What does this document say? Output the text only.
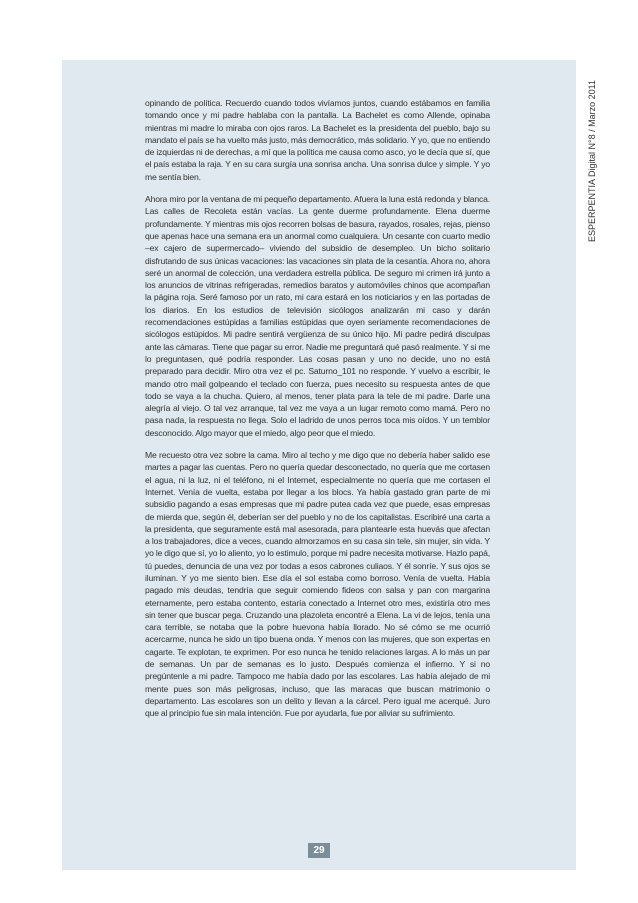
ESPERPENTIA Digital N°8 / Marzo 2011

opinando de política. Recuerdo cuando todos vivíamos juntos, cuando estábamos en familia tomando once y mi padre hablaba con la pantalla. La Bachelet es como Allende, opinaba mientras mi madre lo miraba con ojos raros. La Bachelet es la presidenta del pueblo, bajo su mandato el país se ha vuelto más justo, más democrático, más solidario. Y yo, que no entiendo de izquierdas ni de derechas, a mí que la política me causa como asco, yo le decía que sí, que el país estaba la raja. Y en su cara surgía una sonrisa ancha. Una sonrisa dulce y simple. Y yo me sentía bien.

Ahora miro por la ventana de mi pequeño departamento. Afuera la luna está redonda y blanca. Las calles de Recoleta están vacías. La gente duerme profundamente. Elena duerme profundamente. Y mientras mis ojos recorren bolsas de basura, rayados, rosales, rejas, pienso que apenas hace una semana era un anormal como cualquiera. Un cesante con cuarto medio –ex cajero de supermercado– viviendo del subsidio de desempleo. Un bicho solitario disfrutando de sus únicas vacaciones: las vacaciones sin plata de la cesantía. Ahora no, ahora seré un anormal de colección, una verdadera estrella pública. De seguro mi crimen irá junto a los anuncios de vitrinas refrigeradas, remedios baratos y automóviles chinos que acompañan la página roja. Seré famoso por un rato, mi cara estará en los noticiarios y en las portadas de los diarios. En los estudios de televisión sicólogos analizarán mi caso y darán recomendaciones estúpidas a familias estúpidas que oyen seriamente recomendaciones de sicólogos estúpidos. Mi padre sentirá vergüenza de su único hijo. Mi padre pedirá disculpas ante las cámaras. Tiene que pagar su error. Nadie me preguntará qué pasó realmente. Y si me lo preguntasen, qué podría responder. Las cosas pasan y uno no decide, uno no está preparado para decidir. Miro otra vez el pc. Saturno_101 no responde. Y vuelvo a escribir, le mando otro mail golpeando el teclado con fuerza, pues necesito su respuesta antes de que todo se vaya a la chucha. Quiero, al menos, tener plata para la tele de mi padre. Darle una alegría al viejo. O tal vez arranque, tal vez me vaya a un lugar remoto como mamá. Pero no pasa nada, la respuesta no llega. Solo el ladrido de unos perros toca mis oídos. Y un temblor desconocido. Algo mayor que el miedo, algo peor que el miedo.

Me recuesto otra vez sobre la cama. Miro al techo y me digo que no debería haber salido ese martes a pagar las cuentas. Pero no quería quedar desconectado, no quería que me cortasen el agua, ni la luz, ni el teléfono, ni el Internet, especialmente no quería que me cortasen el Internet. Venía de vuelta, estaba por llegar a los blocs. Ya había gastado gran parte de mi subsidio pagando a esas empresas que mi padre putea cada vez que puede, esas empresas de mierda que, según él, deberían ser del pueblo y no de los capitalistas. Escribiré una carta a la presidenta, que seguramente está mal asesorada, para plantearle esta huevás que afectan a los trabajadores, dice a veces, cuando almorzamos en su casa sin tele, sin mujer, sin vida. Y yo le digo que sí, yo lo aliento, yo lo estimulo, porque mi padre necesita motivarse. Hazlo papá, tú puedes, denuncia de una vez por todas a esos cabrones culiaos. Y él sonríe. Y sus ojos se iluminan. Y yo me siento bien. Ese día el sol estaba como borroso. Venía de vuelta. Había pagado mis deudas, tendría que seguir comiendo fideos con salsa y pan con margarina eternamente, pero estaba contento, estaría conectado a Internet otro mes, existiría otro mes sin tener que buscar pega. Cruzando una plazoleta encontré a Elena. La vi de lejos, tenía una cara terrible, se notaba que la pobre huevona había llorado. No sé cómo se me ocurrió acercarme, nunca he sido un tipo buena onda. Y menos con las mujeres, que son expertas en cagarte. Te explotan, te exprimen. Por eso nunca he tenido relaciones largas. A lo más un par de semanas. Un par de semanas es lo justo. Después comienza el infierno. Y si no pregúntenle a mi padre. Tampoco me había dado por las escolares. Las había alejado de mi mente pues son más peligrosas, incluso, que las maracas que buscan matrimonio o departamento. Las escolares son un delito y llevan a la cárcel. Pero igual me acerqué. Juro que al principio fue sin mala intención. Fue por ayudarla, fue por aliviar su sufrimiento.

29
